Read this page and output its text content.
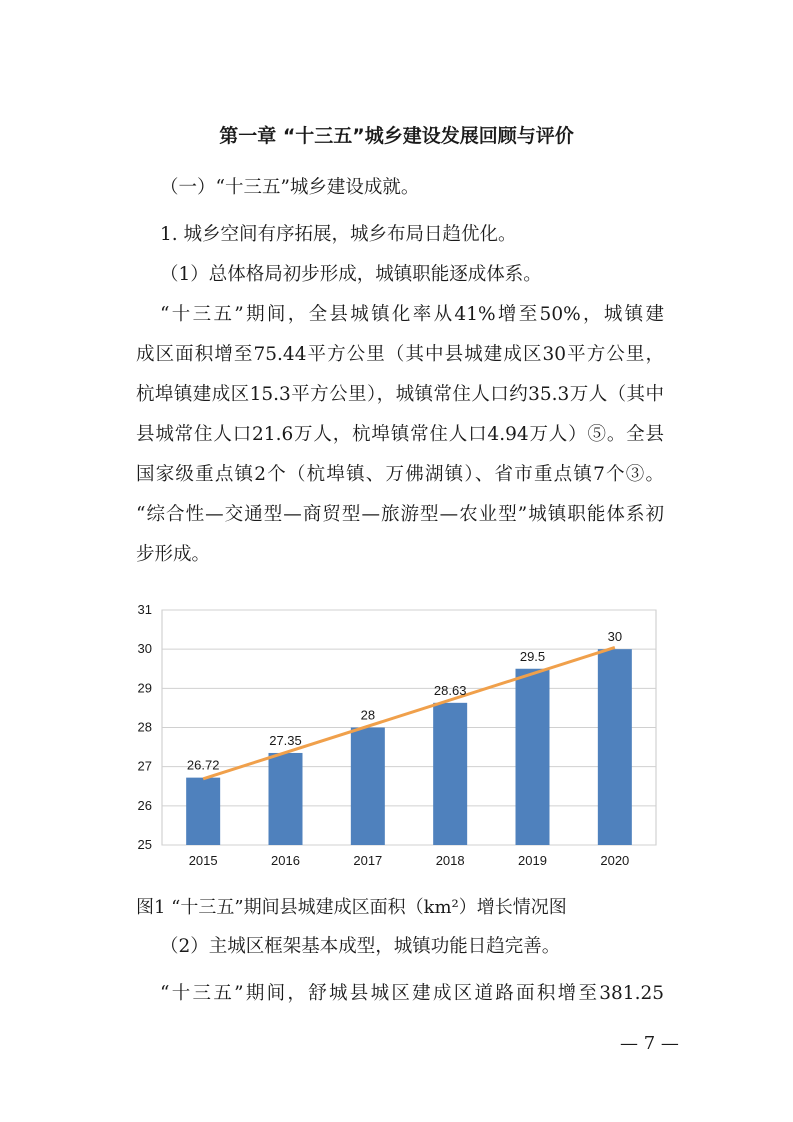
第一章 “十三五”城乡建设发展回顾与评价
（一）“十三五”城乡建设成就。
1. 城乡空间有序拓展，城乡布局日趋优化。
（1）总体格局初步形成，城镇职能逐成体系。
“十三五”期间，全县城镇化率从41%增至50%，城镇建
成区面积增至75.44平方公里（其中县城建成区30平方公里，
杭埠镇建成区15.3平方公里），城镇常住人口约35.3万人（其中
县城常住人口21.6万人，杭埠镇常住人口4.94万人）⑤。全县
国家级重点镇2个（杭埠镇、万佛湖镇）、省市重点镇7个③。
“综合性—交通型—商贸型—旅游型—农业型”城镇职能体系初
步形成。
25
26
27
28
29
30
31
2015	2016	2017	2018	2019	2020
26.72
27.35
28
28.63
29.5
30
图1 “十三五”期间县城建成区面积（km²）增长情况图
（2）主城区框架基本成型，城镇功能日趋完善。
“十三五”期间，舒城县城区建成区道路面积增至381.25
— 7 —
